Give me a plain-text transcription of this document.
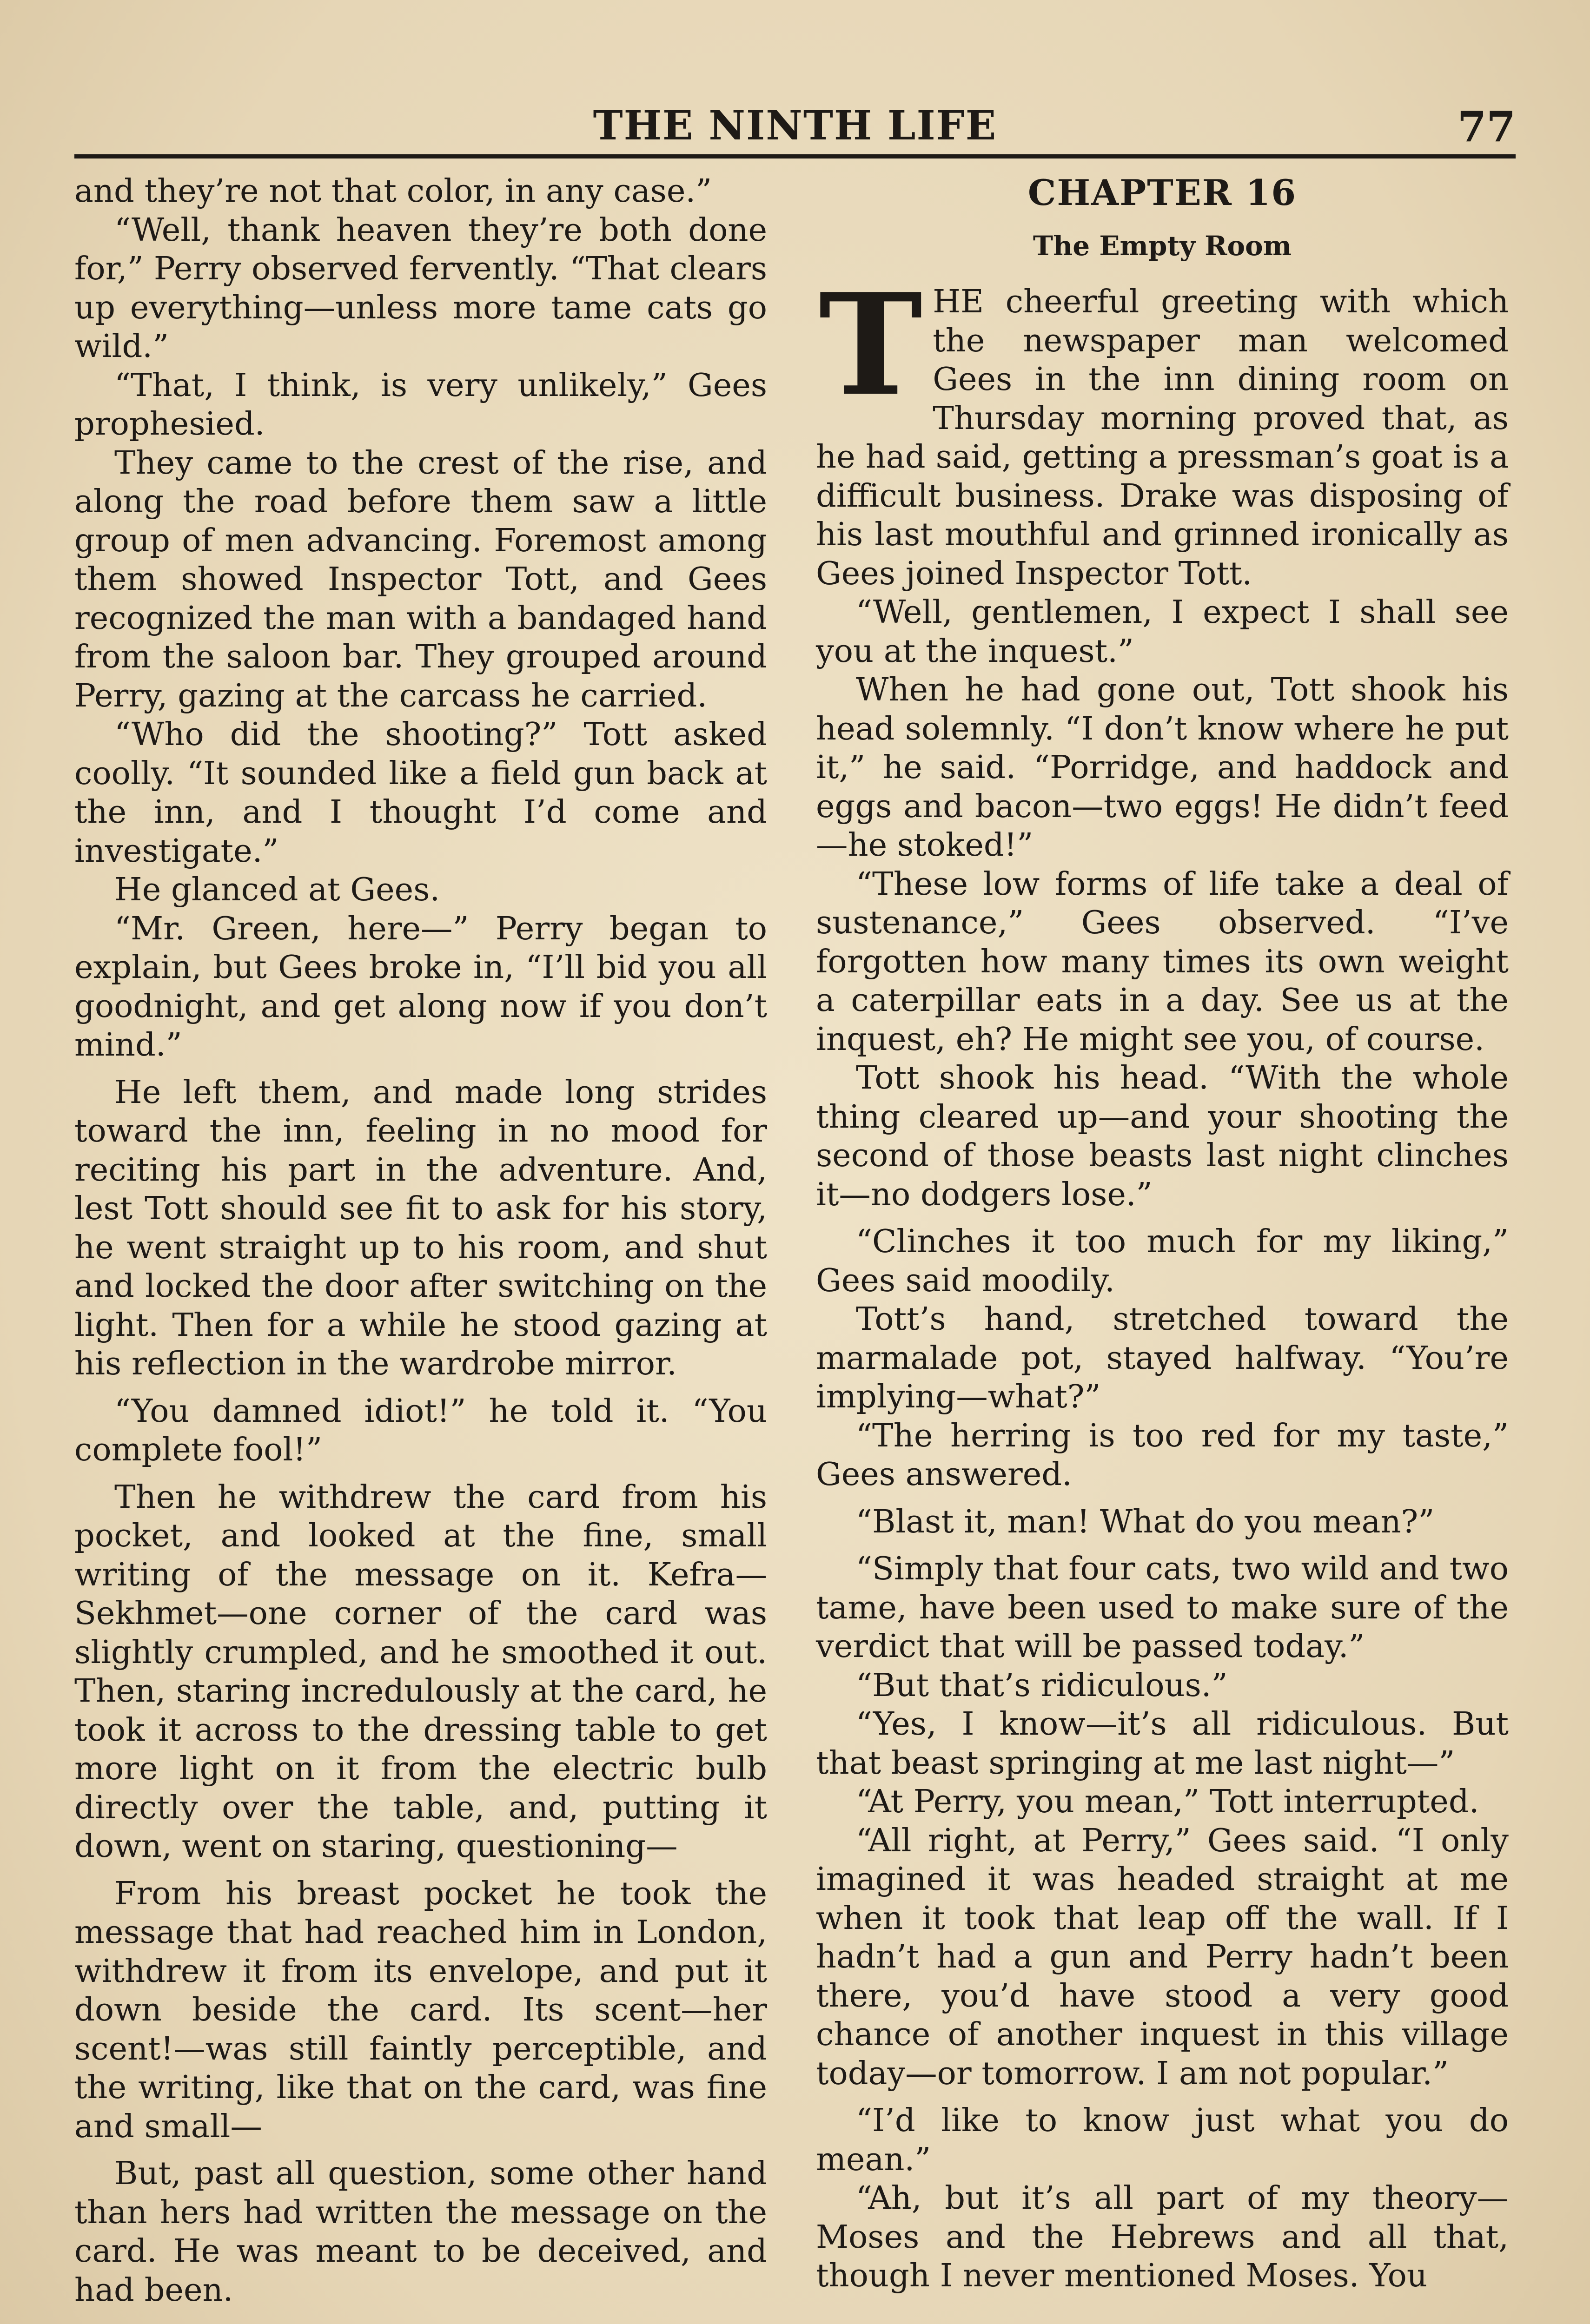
THE NINTH LIFE	77

and they’re not that color, in any case.”

“Well, thank heaven they’re both done for,” Perry observed fervently. “That clears up everything—unless more tame cats go wild.”

“That, I think, is very unlikely,” Gees prophesied.

They came to the crest of the rise, and along the road before them saw a little group of men advancing. Foremost among them showed Inspector Tott, and Gees recognized the man with a bandaged hand from the saloon bar. They grouped around Perry, gazing at the carcass he carried.

“Who did the shooting?” Tott asked coolly. “It sounded like a field gun back at the inn, and I thought I’d come and investigate.”

He glanced at Gees.

“Mr. Green, here—” Perry began to explain, but Gees broke in, “I’ll bid you all goodnight, and get along now if you don’t mind.”

He left them, and made long strides toward the inn, feeling in no mood for reciting his part in the adventure. And, lest Tott should see fit to ask for his story, he went straight up to his room, and shut and locked the door after switching on the light. Then for a while he stood gazing at his reflection in the wardrobe mirror.

“You damned idiot!” he told it. “You complete fool!”

Then he withdrew the card from his pocket, and looked at the fine, small writing of the message on it. Kefra—Sekhmet—one corner of the card was slightly crumpled, and he smoothed it out. Then, staring incredulously at the card, he took it across to the dressing table to get more light on it from the electric bulb directly over the table, and, putting it down, went on staring, questioning—

From his breast pocket he took the message that had reached him in London, withdrew it from its envelope, and put it down beside the card. Its scent—her scent!—was still faintly perceptible, and the writing, like that on the card, was fine and small—

But, past all question, some other hand than hers had written the message on the card. He was meant to be deceived, and had been.

CHAPTER 16
The Empty Room

THE cheerful greeting with which the newspaper man welcomed Gees in the inn dining room on Thursday morning proved that, as he had said, getting a pressman’s goat is a difficult business. Drake was disposing of his last mouthful and grinned ironically as Gees joined Inspector Tott.

“Well, gentlemen, I expect I shall see you at the inquest.”

When he had gone out, Tott shook his head solemnly. “I don’t know where he put it,” he said. “Porridge, and haddock and eggs and bacon—two eggs! He didn’t feed—he stoked!”

“These low forms of life take a deal of sustenance,” Gees observed. “I’ve forgotten how many times its own weight a caterpillar eats in a day. See us at the inquest, eh? He might see you, of course.

Tott shook his head. “With the whole thing cleared up—and your shooting the second of those beasts last night clinches it—no dodgers lose.”

“Clinches it too much for my liking,” Gees said moodily.

Tott’s hand, stretched toward the marmalade pot, stayed halfway. “You’re implying—what?”

“The herring is too red for my taste,” Gees answered.

“Blast it, man! What do you mean?”

“Simply that four cats, two wild and two tame, have been used to make sure of the verdict that will be passed today.”

“But that’s ridiculous.”

“Yes, I know—it’s all ridiculous. But that beast springing at me last night—”

“At Perry, you mean,” Tott interrupted.

“All right, at Perry,” Gees said. “I only imagined it was headed straight at me when it took that leap off the wall. If I hadn’t had a gun and Perry hadn’t been there, you’d have stood a very good chance of another inquest in this village today—or tomorrow. I am not popular.”

“I’d like to know just what you do mean.”

“Ah, but it’s all part of my theory—Moses and the Hebrews and all that, though I never mentioned Moses. You
